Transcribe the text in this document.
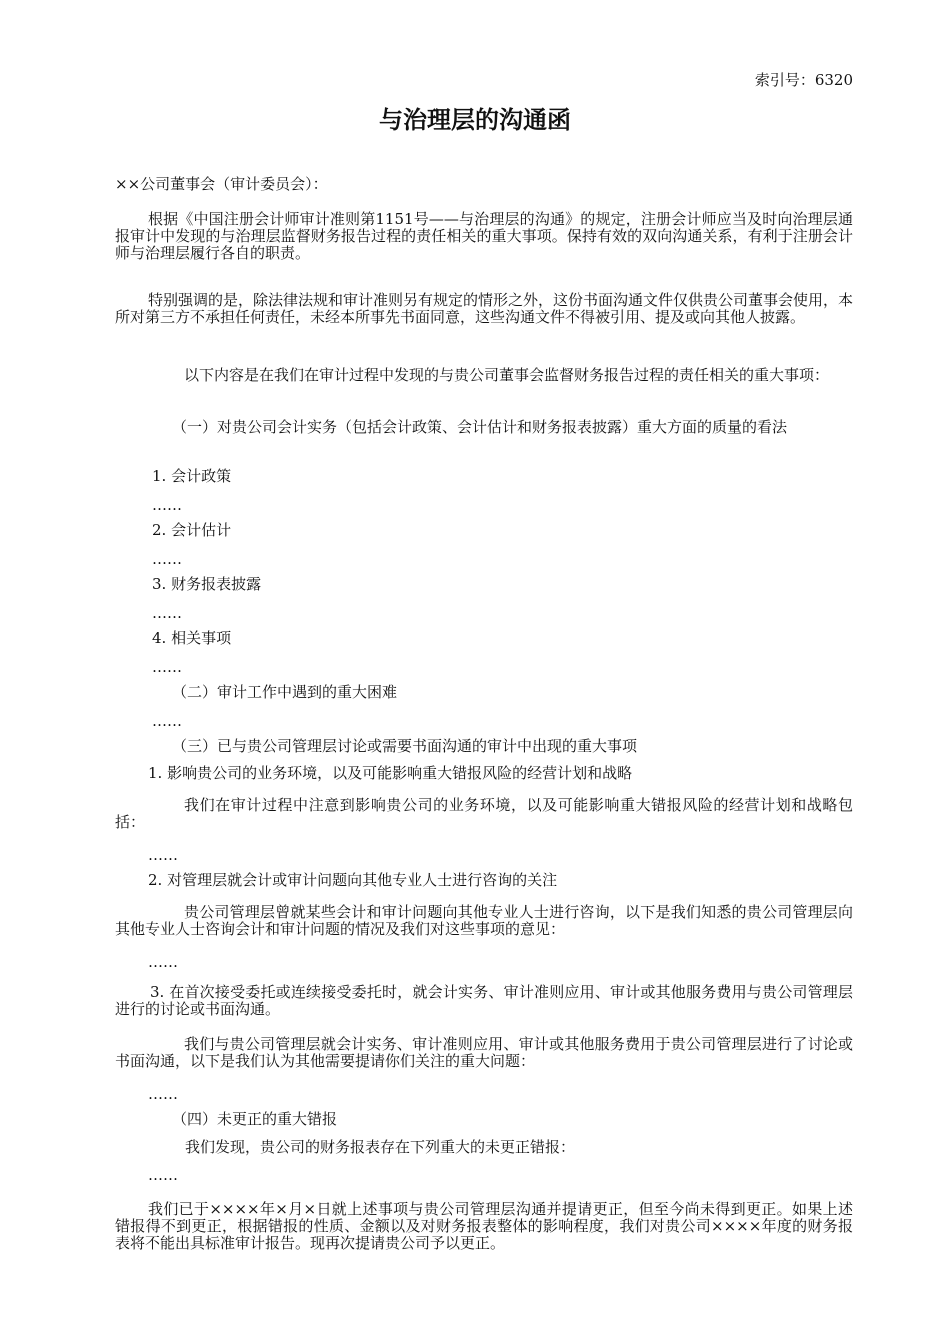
索引号：6320
与治理层的沟通函
××公司董事会（审计委员会）：
根据《中国注册会计师审计准则第1151号——与治理层的沟通》的规定，注册会计师应当及时向治理层通报审计中发现的与治理层监督财务报告过程的责任相关的重大事项。保持有效的双向沟通关系，有利于注册会计师与治理层履行各自的职责。
特别强调的是，除法律法规和审计准则另有规定的情形之外，这份书面沟通文件仅供贵公司董事会使用，本所对第三方不承担任何责任，未经本所事先书面同意，这些沟通文件不得被引用、提及或向其他人披露。
以下内容是在我们在审计过程中发现的与贵公司董事会监督财务报告过程的责任相关的重大事项：
（一）对贵公司会计实务（包括会计政策、会计估计和财务报表披露）重大方面的质量的看法
1. 会计政策
……
2. 会计估计
……
3. 财务报表披露
……
4. 相关事项
……
（二）审计工作中遇到的重大困难
……
（三）已与贵公司管理层讨论或需要书面沟通的审计中出现的重大事项
1. 影响贵公司的业务环境，以及可能影响重大错报风险的经营计划和战略
我们在审计过程中注意到影响贵公司的业务环境，以及可能影响重大错报风险的经营计划和战略包括：
……
2. 对管理层就会计或审计问题向其他专业人士进行咨询的关注
贵公司管理层曾就某些会计和审计问题向其他专业人士进行咨询，以下是我们知悉的贵公司管理层向其他专业人士咨询会计和审计问题的情况及我们对这些事项的意见：
……
3. 在首次接受委托或连续接受委托时，就会计实务、审计准则应用、审计或其他服务费用与贵公司管理层进行的讨论或书面沟通。
我们与贵公司管理层就会计实务、审计准则应用、审计或其他服务费用于贵公司管理层进行了讨论或书面沟通，以下是我们认为其他需要提请你们关注的重大问题：
……
（四）未更正的重大错报
我们发现，贵公司的财务报表存在下列重大的未更正错报：
……
我们已于××××年×月×日就上述事项与贵公司管理层沟通并提请更正，但至今尚未得到更正。如果上述错报得不到更正，根据错报的性质、金额以及对财务报表整体的影响程度，我们对贵公司××××年度的财务报表将不能出具标准审计报告。现再次提请贵公司予以更正。
